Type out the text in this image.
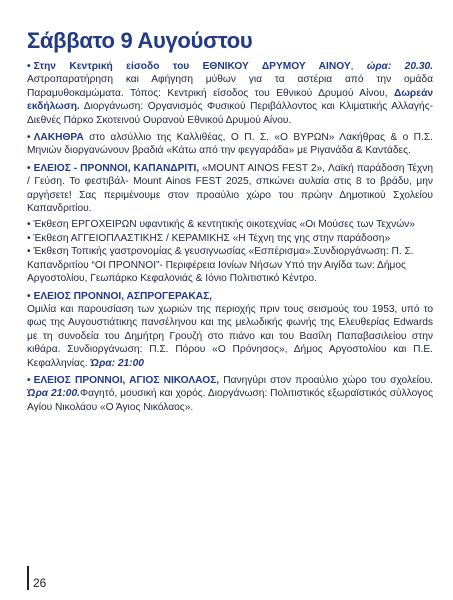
Σάββατο 9 Αυγούστου

• Στην Κεντρική είσοδο του ΕΘΝΙΚΟΥ ΔΡΥΜΟΥ ΑΙΝΟΥ, ώρα: 20.30. Αστροπαρατήρηση και Αφήγηση μύθων για τα αστέρια από την ομάδα Παραμυθοκαμώματα. Τόπος: Κεντρική είσοδος του Εθνικού Δρυμού Αίνου, Δωρεάν εκδήλωση. Διοργάνωση: Οργανισμός Φυσικού Περιβάλλοντος και Κλιματικής Αλλαγής-Διεθνές Πάρκο Σκοτεινού Ουρανού Εθνικού Δρυμού Αίνου.

• ΛΑΚΗΘΡΑ στο αλσύλλιο της Καλλιθέας, Ο Π. Σ. «Ο ΒΥΡΩΝ» Λακήθρας & ο Π.Σ. Μηνιών διοργανώνουν βραδιά «Κάτω από την φεγγαράδα» με Ριγανάδα & Καντάδες.

• ΕΛΕΙΟΣ - ΠΡΟΝΝΟΙ, ΚΑΠΑΝΔΡΙΤΙ, «MOUNT AINOS FEST 2», Λαϊκή παράδοση Τέχνη / Γεύση. Το φεστιβάλ- Mount Ainos FEST 2025, σπκώνει αυλαία στις 8 το βράδυ, μην αργήσετε! Σας περιμένουμε στον προαύλιο χώρο του πρώην Δημοτικού Σχολείου Καπανδριτίου.

• Έκθεση ΕΡΓΟΧΕΙΡΩΝ υφαντικής & κεντητικής οικοτεχνίας «Οι Μούσες των Τεχνών»

• Έκθεση ΑΓΓΕΙΟΠΛΑΣΤΙΚΗΣ / ΚΕΡΑΜΙΚΗΣ «Η Τέχνη της γης στην παράδοση»

• Έκθεση Τοπικής γαστρονομίας & γευσιγνωσίας «Εσπέρισμα».Συνδιοργάνωση: Π. Σ. Καπανδριτίου “ΟΙ ΠΡΟΝΝΟΙ”- Περιφέρεια Ιονίων Νήσων Υπό την Αιγίδα των: Δήμος Αργοστολίου, Γεωπάρκο Κεφαλονιάς & Ιόνιο Πολιτιστικό Κέντρο.

• ΕΛΕΙΟΣ ΠΡΟΝΝΟΙ, ΑΣΠΡΟΓΕΡΑΚΑΣ,
Ομιλία και παρουσίαση των χωριών της περιοχής πριν τους σεισμούς του 1953, υπό το φως της Αυγουστιάτικης πανσέληνου και της μελωδικής φωνής της Ελευθερίας Edwards με τη συνοδεία του Δημήτρη Γρουζή στο πιάνο και του Βασίλη Παπαβασιλείου στην κιθάρα. Συνδιοργάνωση: Π.Σ. Πόρου «Ο Πρόνησος», Δήμος Αργοστολίου και Π.Ε. Κεφαλληνίας. Ώρα: 21:00

• ΕΛΕΙΟΣ ΠΡΟΝΝΟΙ, ΑΓΙΟΣ ΝΙΚΟΛΑΟΣ, Πανηγύρι στον προαύλιο χώρο του σχολείου. Ώρα 21:00.Φαγητό, μουσική και χορός. Διοργάνωση: Πολιτιστικός εξωραϊστικός σύλλογος Αγίου Νικολάου «Ο Άγιος Νικόλαος».

26
